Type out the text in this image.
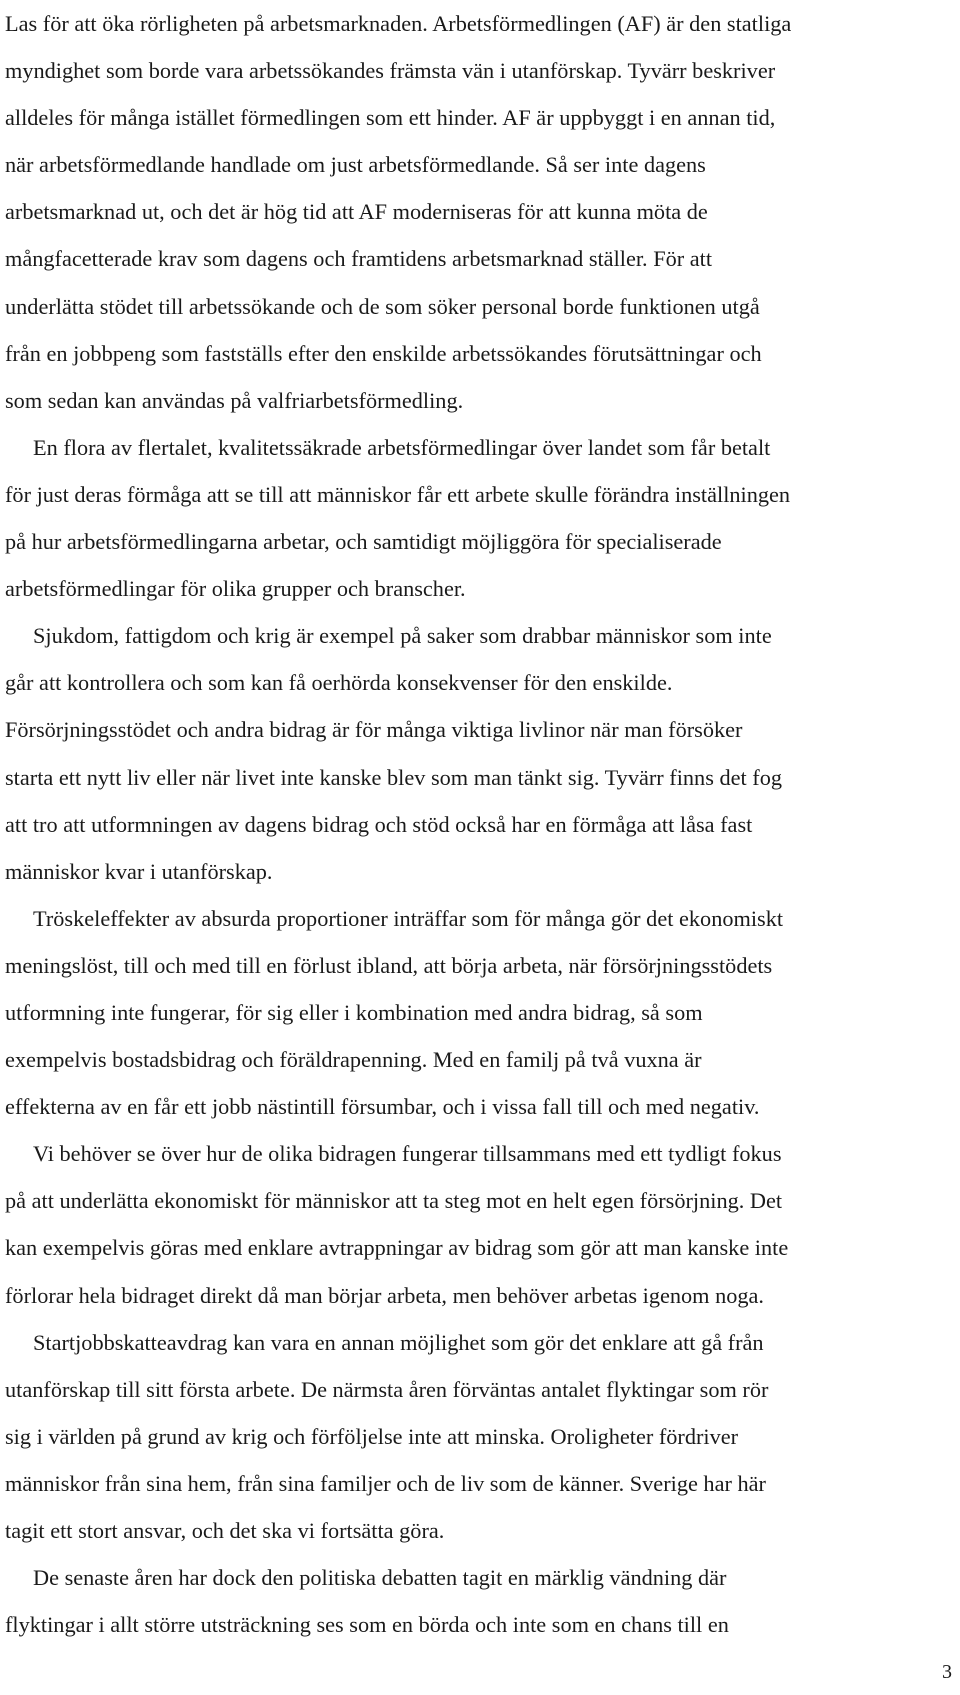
Las för att öka rörligheten på arbetsmarknaden. Arbetsförmedlingen (AF) är den statliga
myndighet som borde vara arbetssökandes främsta vän i utanförskap. Tyvärr beskriver
alldeles för många istället förmedlingen som ett hinder. AF är uppbyggt i en annan tid,
när arbetsförmedlande handlade om just arbetsförmedlande. Så ser inte dagens
arbetsmarknad ut, och det är hög tid att AF moderniseras för att kunna möta de
mångfacetterade krav som dagens och framtidens arbetsmarknad ställer. För att
underlätta stödet till arbetssökande och de som söker personal borde funktionen utgå
från en jobbpeng som fastställs efter den enskilde arbetssökandes förutsättningar och
som sedan kan användas på valfriarbetsförmedling.
En flora av flertalet, kvalitetssäkrade arbetsförmedlingar över landet som får betalt
för just deras förmåga att se till att människor får ett arbete skulle förändra inställningen
på hur arbetsförmedlingarna arbetar, och samtidigt möjliggöra för specialiserade
arbetsförmedlingar för olika grupper och branscher.
Sjukdom, fattigdom och krig är exempel på saker som drabbar människor som inte
går att kontrollera och som kan få oerhörda konsekvenser för den enskilde.
Försörjningsstödet och andra bidrag är för många viktiga livlinor när man försöker
starta ett nytt liv eller när livet inte kanske blev som man tänkt sig. Tyvärr finns det fog
att tro att utformningen av dagens bidrag och stöd också har en förmåga att låsa fast
människor kvar i utanförskap.
Tröskeleffekter av absurda proportioner inträffar som för många gör det ekonomiskt
meningslöst, till och med till en förlust ibland, att börja arbeta, när försörjningsstödets
utformning inte fungerar, för sig eller i kombination med andra bidrag, så som
exempelvis bostadsbidrag och föräldrapenning. Med en familj på två vuxna är
effekterna av en får ett jobb nästintill försumbar, och i vissa fall till och med negativ.
Vi behöver se över hur de olika bidragen fungerar tillsammans med ett tydligt fokus
på att underlätta ekonomiskt för människor att ta steg mot en helt egen försörjning. Det
kan exempelvis göras med enklare avtrappningar av bidrag som gör att man kanske inte
förlorar hela bidraget direkt då man börjar arbeta, men behöver arbetas igenom noga.
Startjobbskatteavdrag kan vara en annan möjlighet som gör det enklare att gå från
utanförskap till sitt första arbete. De närmsta åren förväntas antalet flyktingar som rör
sig i världen på grund av krig och förföljelse inte att minska. Oroligheter fördriver
människor från sina hem, från sina familjer och de liv som de känner. Sverige har här
tagit ett stort ansvar, och det ska vi fortsätta göra.
De senaste åren har dock den politiska debatten tagit en märklig vändning där
flyktingar i allt större utsträckning ses som en börda och inte som en chans till en
3
